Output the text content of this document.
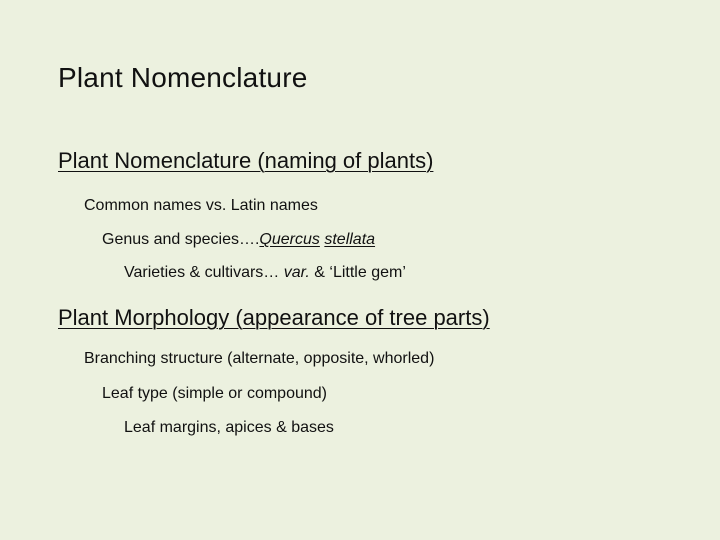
Plant Nomenclature
Plant Nomenclature (naming of plants)
Common names vs. Latin names
Genus and species….Quercus stellata
Varieties & cultivars… var. & ‘Little gem’
Plant Morphology (appearance of tree parts)
Branching structure (alternate, opposite, whorled)
Leaf type (simple or compound)
Leaf margins, apices & bases
